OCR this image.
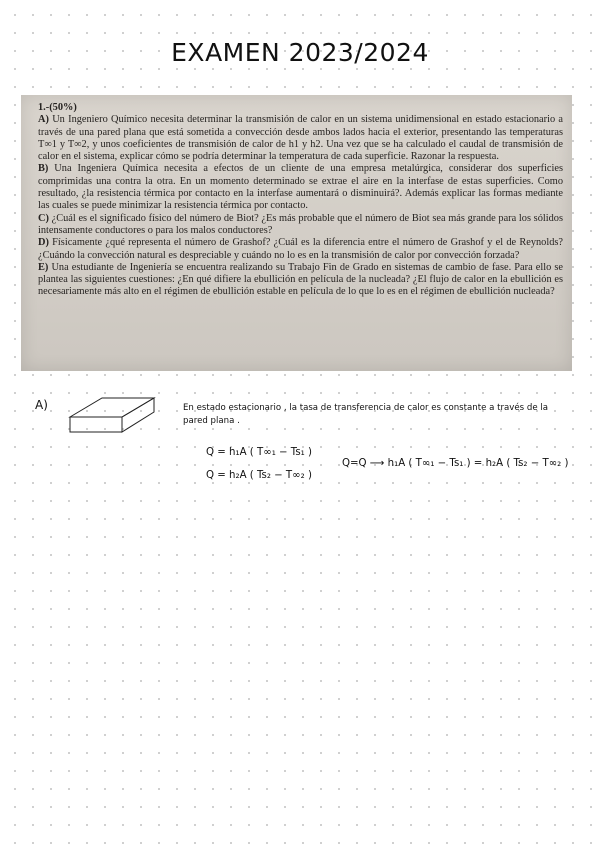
EXAMEN 2023/2024

1.-(50%)

A) Un Ingeniero Químico necesita determinar la transmisión de calor en un sistema unidimensional en estado estacionario a través de una pared plana que está sometida a convección desde ambos lados hacia el exterior, presentando las temperaturas T∞1 y T∞2, y unos coeficientes de transmisión de calor de h1 y h2. Una vez que se ha calculado el caudal de transmisión de calor en el sistema, explicar cómo se podría determinar la temperatura de cada superficie. Razonar la respuesta.

B) Una Ingeniera Química necesita a efectos de un cliente de una empresa metalúrgica, considerar dos superficies comprimidas una contra la otra. En un momento determinado se extrae el aire en la interfase de estas superficies. Como resultado, ¿la resistencia térmica por contacto en la interfase aumentará o disminuirá?. Además explicar las formas mediante las cuales se puede minimizar la resistencia térmica por contacto.

C) ¿Cuál es el significado físico del número de Biot? ¿Es más probable que el número de Biot sea más grande para los sólidos intensamente conductores o para los malos conductores?

D) Físicamente ¿qué representa el número de Grashof? ¿Cuál es la diferencia entre el número de Grashof y el de Reynolds? ¿Cuándo la convección natural es despreciable y cuándo no lo es en la transmisión de calor por convección forzada?

E) Una estudiante de Ingeniería se encuentra realizando su Trabajo Fin de Grado en sistemas de cambio de fase. Para ello se plantea las siguientes cuestiones: ¿En qué difiere la ebullición en película de la nucleada? ¿El flujo de calor en la ebullición es necesariamente más alto en el régimen de ebullición estable en película de lo que lo es en el régimen de ebullición nucleada?

A)	En estado estacionario , la tasa de transferencia de calor es constante a través de la pared plana .
Q = h₁A ( T∞₁ − Ts₁ )
Q = h₂A ( Ts₂ − T∞₂ )
Q=Q ⟶ h₁A ( T∞₁ − Ts₁ ) = h₂A ( Ts₂ − T∞₂ )
